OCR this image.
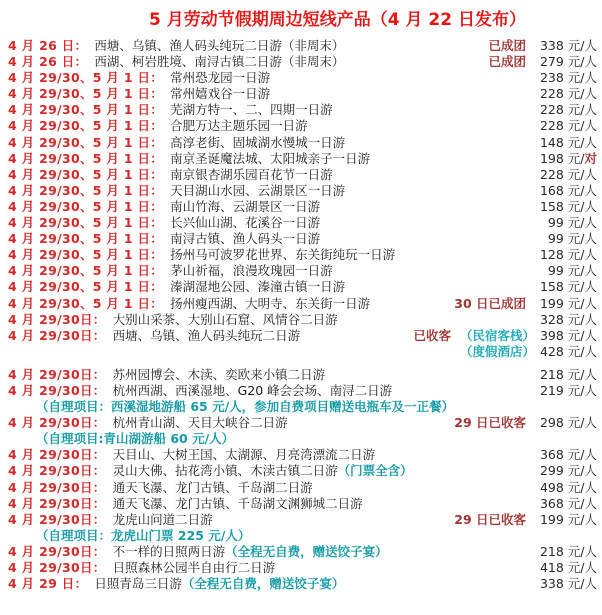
5 月劳动节假期周边短线产品（4 月 22 日发布）
4 月 26 日： 西塘、乌镇、渔人码头纯玩二日游（非周末）	已成团	338 元/人
4 月 26 日： 西湖、柯岩胜境、南浔古镇二日游（非周末）	已成团	279 元/人
4 月 29/30、5 月 1 日： 常州恐龙园一日游	238 元/人
4 月 29/30、5 月 1 日： 常州嬉戏谷一日游	228 元/人
4 月 29/30、5 月 1 日： 芜湖方特一、二、四期一日游	228 元/人
4 月 29/30、5 月 1 日： 合肥万达主题乐园一日游	228 元/人
4 月 29/30、5 月 1 日： 高淳老街、固城湖水慢城一日游	148 元/人
4 月 29/30、5 月 1 日： 南京圣诞魔法城、太阳城亲子一日游	198 元/对
4 月 29/30、5 月 1 日： 南京银杏湖乐园百花节一日游	228 元/人
4 月 29/30、5 月 1 日： 天目湖山水园、云湖景区一日游	168 元/人
4 月 29/30、5 月 1 日： 南山竹海、云湖景区一日游	158 元/人
4 月 29/30、5 月 1 日： 长兴仙山湖、花溪谷一日游	99 元/人
4 月 29/30、5 月 1 日： 南浔古镇、渔人码头一日游	99 元/人
4 月 29/30、5 月 1 日： 扬州马可波罗花世界、东关街纯玩一日游	128 元/人
4 月 29/30、5 月 1 日： 茅山祈福，浪漫玫瑰园一日游	99 元/人
4 月 29/30、5 月 1 日： 溱湖湿地公园、溱潼古镇一日游	158 元/人
4 月 29/30、5 月 1 日： 扬州瘦西湖、大明寺、东关街一日游	30 日已成团	199 元/人
4 月 29/30日： 大别山采茶、大别山石窟、风情谷二日游	328 元/人
4 月 29/30日： 西塘、乌镇、渔人码头纯玩二日游	已收客 （民宿客栈） 398 元/人
（度假酒店） 428 元/人
4 月 29/30日： 苏州园博会、木渎、奕欧来小镇二日游	218 元/人
4 月 29/30日： 杭州西湖、西溪湿地、G20 峰会会场、南浔二日游	219 元/人
（自理项目：西溪湿地游船 65 元/人，参加自费项目赠送电瓶车及一正餐）
4 月 29/30日： 杭州青山湖、天目大峡谷二日游	29 日已收客	298 元/人
（自理项目:青山湖游船 60 元/人）
4 月 29/30日： 天目山、大树王国、太湖源、月亮湾漂流二日游	368 元/人
4 月 29/30日： 灵山大佛、拈花湾小镇、木渎古镇二日游 （门票全含）	299 元/人
4 月 29/30日： 通天飞瀑、龙门古镇、千岛湖二日游	498 元/人
4 月 29/30日： 通天飞瀑、龙门古镇、千岛湖文渊狮城二日游	368 元/人
4 月 29/30日： 龙虎山问道二日游	29 日已收客	199 元/人
（自理项目：龙虎山门票 225 元/人）
4 月 29/30日： 不一样的日照两日游 （全程无自费，赠送饺子宴）	218 元/人
4 月 29/30日： 日照森林公园半自由行二日游	418 元/人
4 月 29 日： 日照青岛三日游 （全程无自费，赠送饺子宴）	338 元/人
